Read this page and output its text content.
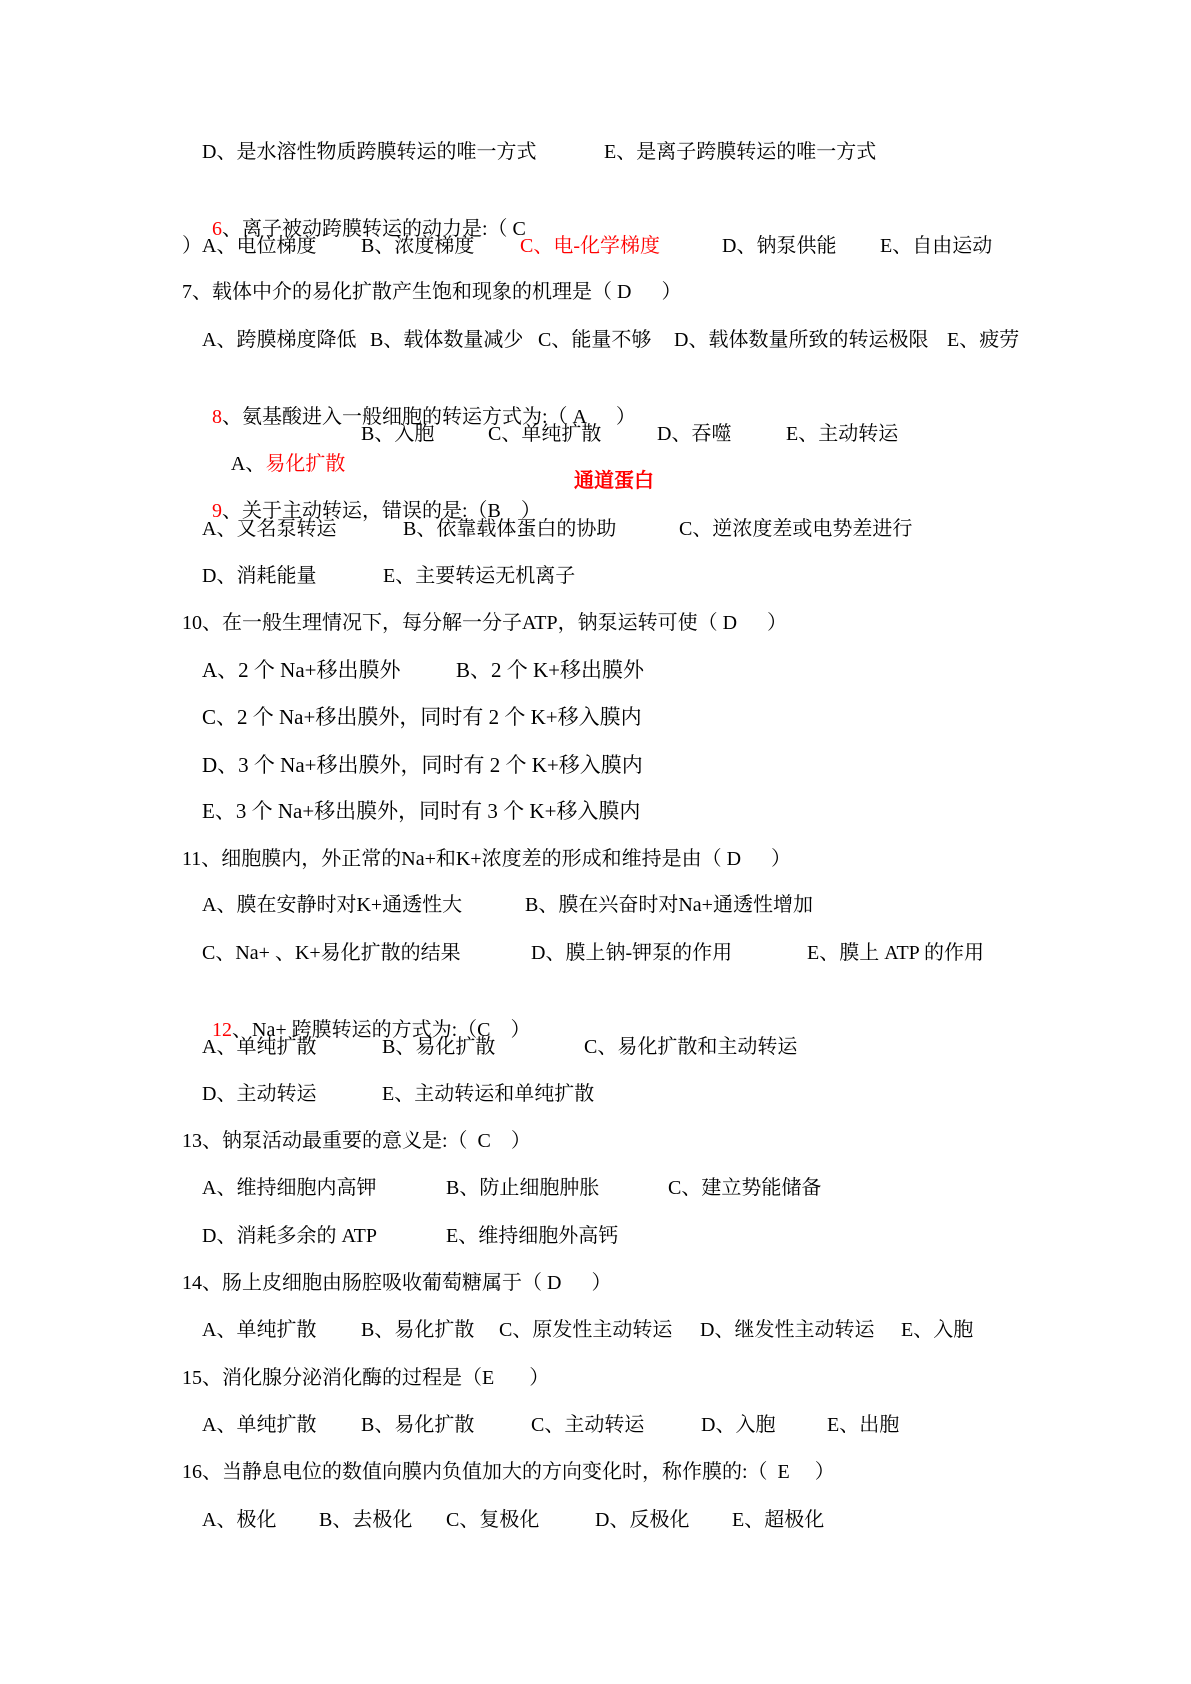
D、是水溶性物质跨膜转运的唯一方式	E、是离子跨膜转运的唯一方式

6、离子被动跨膜转运的动力是:（ C

）A、电位梯度 B、浓度梯度 C、电-化学梯度	D、钠泵供能 E、自由运动
7、载体中介的易化扩散产生饱和现象的机理是（ D      ）
A、跨膜梯度降低 B、载体数量减少 C、能量不够 D、载体数量所致的转运极限 E、疲劳

8、氨基酸进入一般细胞的转运方式为:（ A      ）

A、易化扩散

B、入胞	C、单纯扩散	D、吞噬	E、主动转运

9、关于主动转运，错误的是:（B    ）

通道蛋白
A、又名泵转运	B、依靠载体蛋白的协助	C、逆浓度差或电势差进行
D、消耗能量	E、主要转运无机离子
10、在一般生理情况下，每分解一分子ATP，钠泵运转可使（ D      ）
A、2 个 Na+移出膜外	B、2 个 K+移出膜外
C、2 个 Na+移出膜外，同时有 2 个 K+移入膜内
D、3 个 Na+移出膜外，同时有 2 个 K+移入膜内
E、3 个 Na+移出膜外，同时有 3 个 K+移入膜内
11、细胞膜内，外正常的Na+和K+浓度差的形成和维持是由（ D      ）
A、膜在安静时对K+通透性大	B、膜在兴奋时对Na+通透性增加
C、Na+ 、K+易化扩散的结果	D、膜上钠-钾泵的作用	E、膜上 ATP 的作用

12、Na+ 跨膜转运的方式为:（C    ）

A、单纯扩散	B、易化扩散	C、易化扩散和主动转运
D、主动转运	E、主动转运和单纯扩散
13、钠泵活动最重要的意义是:（  C    ）
A、维持细胞内高钾	B、防止细胞肿胀	C、建立势能储备
D、消耗多余的 ATP	E、维持细胞外高钙
14、肠上皮细胞由肠腔吸收葡萄糖属于（ D      ）
A、单纯扩散 B、易化扩散 C、原发性主动转运 D、继发性主动转运 E、入胞
15、消化腺分泌消化酶的过程是（E       ）
A、单纯扩散 B、易化扩散	C、主动转运	D、入胞	E、出胞
16、当静息电位的数值向膜内负值加大的方向变化时，称作膜的:（  E     ）
A、极化 B、去极化 C、复极化	D、反极化 E、超极化
